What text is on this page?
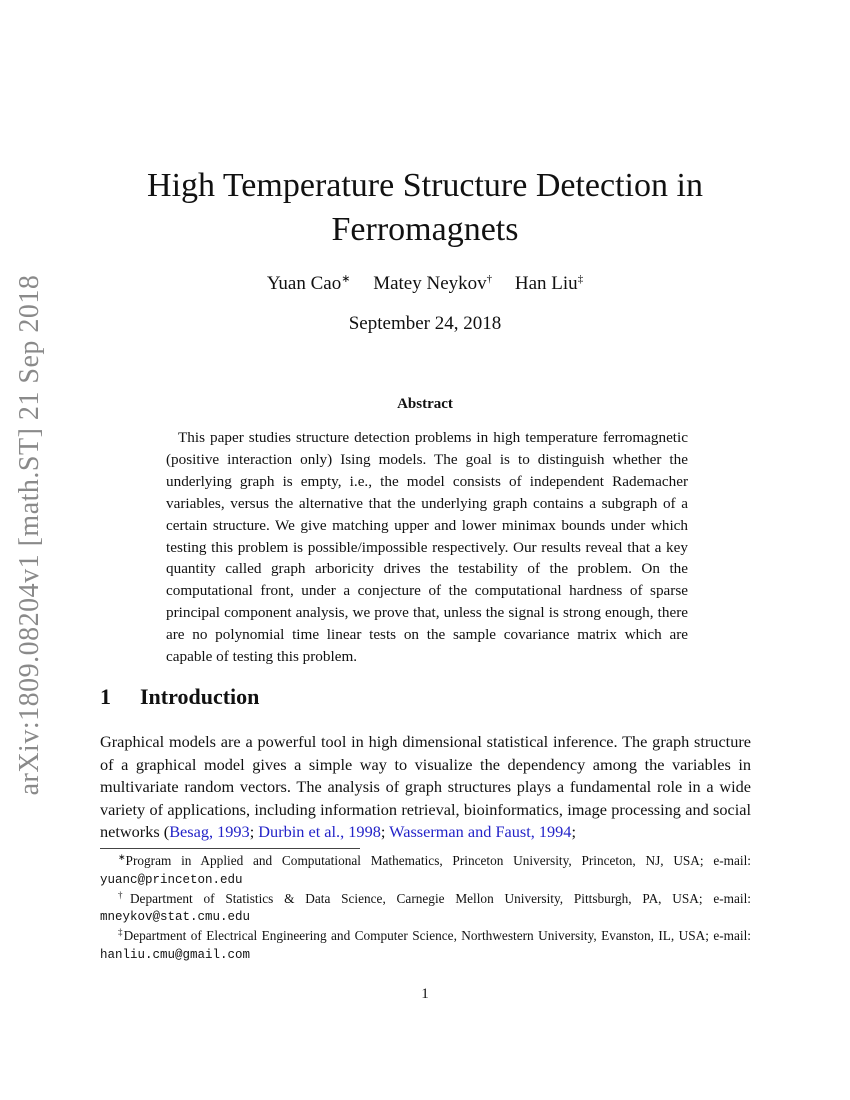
arXiv:1809.08204v1 [math.ST] 21 Sep 2018
High Temperature Structure Detection in
Ferromagnets
Yuan Cao∗ Matey Neykov† Han Liu‡
September 24, 2018
Abstract
This paper studies structure detection problems in high temperature ferromagnetic (positive interaction only) Ising models. The goal is to distinguish whether the underlying graph is empty, i.e., the model consists of independent Rademacher variables, versus the alternative that the underlying graph contains a subgraph of a certain structure. We give matching upper and lower minimax bounds under which testing this problem is possible/impossible respectively. Our results reveal that a key quantity called graph arboricity drives the testability of the problem. On the computational front, under a conjecture of the computational hardness of sparse principal component analysis, we prove that, unless the signal is strong enough, there are no polynomial time linear tests on the sample covariance matrix which are capable of testing this problem.
1 Introduction
Graphical models are a powerful tool in high dimensional statistical inference. The graph structure of a graphical model gives a simple way to visualize the dependency among the variables in multivariate random vectors. The analysis of graph structures plays a fundamental role in a wide variety of applications, including information retrieval, bioinformatics, image processing and social networks (Besag, 1993; Durbin et al., 1998; Wasserman and Faust, 1994;

∗Program in Applied and Computational Mathematics, Princeton University, Princeton, NJ, USA; e-mail: yuanc@princeton.edu

†Department of Statistics & Data Science, Carnegie Mellon University, Pittsburgh, PA, USA; e-mail: mneykov@stat.cmu.edu

‡Department of Electrical Engineering and Computer Science, Northwestern University, Evanston, IL, USA; e-mail: hanliu.cmu@gmail.com

1
